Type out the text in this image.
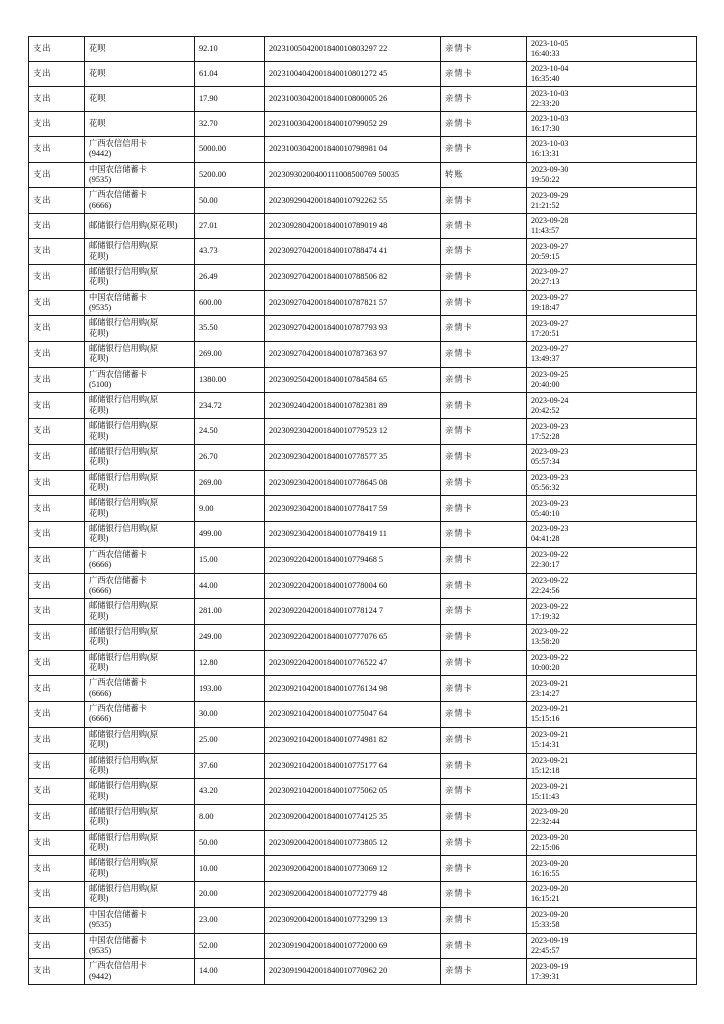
支出	花呗	92.10	20231005042001840010803297 22	亲情卡	2023-10-05
16:40:33

支出	花呗	61.04	20231004042001840010801272 45	亲情卡	2023-10-04
16:35:40

支出	花呗	17.90	20231003042001840010800005 26	亲情卡	2023-10-03
22:33:20

支出	花呗	32.70	20231003042001840010799052 29	亲情卡	2023-10-03
16:17:30

支出	广西农信信用卡
(9442)	5000.00	20231003042001840010798981 04	亲情卡	2023-10-03
16:13:31

支出	中国农信储蓄卡
(9535)	5200.00	20230930200400111008500769 50035	转账	2023-09-30
19:50:22

支出	广西农信储蓄卡
(6666)	50.00	20230929042001840010792262 55	亲情卡	2023-09-29
21:21:52

支出	邮储银行信用购(原花呗)	27.01	20230928042001840010789019 48	亲情卡	2023-09-28
11:43:57

支出	邮储银行信用购(原
花呗)	43.73	20230927042001840010788474 41	亲情卡	2023-09-27
20:59:15

支出	邮储银行信用购(原
花呗)	26.49	20230927042001840010788506 82	亲情卡	2023-09-27
20:27:13

支出	中国农信储蓄卡
(9535)	600.00	20230927042001840010787821 57	亲情卡	2023-09-27
19:18:47

支出	邮储银行信用购(原
花呗)	35.50	20230927042001840010787793 93	亲情卡	2023-09-27
17:20:51

支出	邮储银行信用购(原
花呗)	269.00	20230927042001840010787363 97	亲情卡	2023-09-27
13:49:37

支出	广西农信储蓄卡
(5100)	1380.00	20230925042001840010784584 65	亲情卡	2023-09-25
20:40:00

支出	邮储银行信用购(原
花呗)	234.72	20230924042001840010782381 89	亲情卡	2023-09-24
20:42:52

支出	邮储银行信用购(原
花呗)	24.50	20230923042001840010779523 12	亲情卡	2023-09-23
17:52:28

支出	邮储银行信用购(原
花呗)	26.70	20230923042001840010778577 35	亲情卡	2023-09-23
05:57:34

支出	邮储银行信用购(原
花呗)	269.00	20230923042001840010778645 08	亲情卡	2023-09-23
05:56:32

支出	邮储银行信用购(原
花呗)	9.00	20230923042001840010778417 59	亲情卡	2023-09-23
05:40:10

支出	邮储银行信用购(原
花呗)	499.00	20230923042001840010778419 11	亲情卡	2023-09-23
04:41:28

支出	广西农信储蓄卡
(6666)	15.00	20230922042001840010779468 5	亲情卡	2023-09-22
22:30:17

支出	广西农信储蓄卡
(6666)	44.00	20230922042001840010778004 60	亲情卡	2023-09-22
22:24:56

支出	邮储银行信用购(原
花呗)	281.00	20230922042001840010778124 7	亲情卡	2023-09-22
17:19:32

支出	邮储银行信用购(原
花呗)	249.00	20230922042001840010777076 65	亲情卡	2023-09-22
13:58:20

支出	邮储银行信用购(原
花呗)	12.80	20230922042001840010776522 47	亲情卡	2023-09-22
10:00:20

支出	广西农信储蓄卡
(6666)	193.00	20230921042001840010776134 98	亲情卡	2023-09-21
23:14:27

支出	广西农信储蓄卡
(6666)	30.00	20230921042001840010775047 64	亲情卡	2023-09-21
15:15:16

支出	邮储银行信用购(原
花呗)	25.00	20230921042001840010774981 82	亲情卡	2023-09-21
15:14:31

支出	邮储银行信用购(原
花呗)	37.60	20230921042001840010775177 64	亲情卡	2023-09-21
15:12:18

支出	邮储银行信用购(原
花呗)	43.20	20230921042001840010775062 05	亲情卡	2023-09-21
15:11:43

支出	邮储银行信用购(原
花呗)	8.00	20230920042001840010774125 35	亲情卡	2023-09-20
22:32:44

支出	邮储银行信用购(原
花呗)	50.00	20230920042001840010773805 12	亲情卡	2023-09-20
22:15:06

支出	邮储银行信用购(原
花呗)	10.00	20230920042001840010773069 12	亲情卡	2023-09-20
16:16:55

支出	邮储银行信用购(原
花呗)	20.00	20230920042001840010772779 48	亲情卡	2023-09-20
16:15:21

支出	中国农信储蓄卡
(9535)	23.00	20230920042001840010773299 13	亲情卡	2023-09-20
15:33:58

支出	中国农信储蓄卡
(9535)	52.00	20230919042001840010772000 69	亲情卡	2023-09-19
22:45:57

支出	广西农信信用卡
(9442)	14.00	20230919042001840010770962 20	亲情卡	2023-09-19
17:39:31
